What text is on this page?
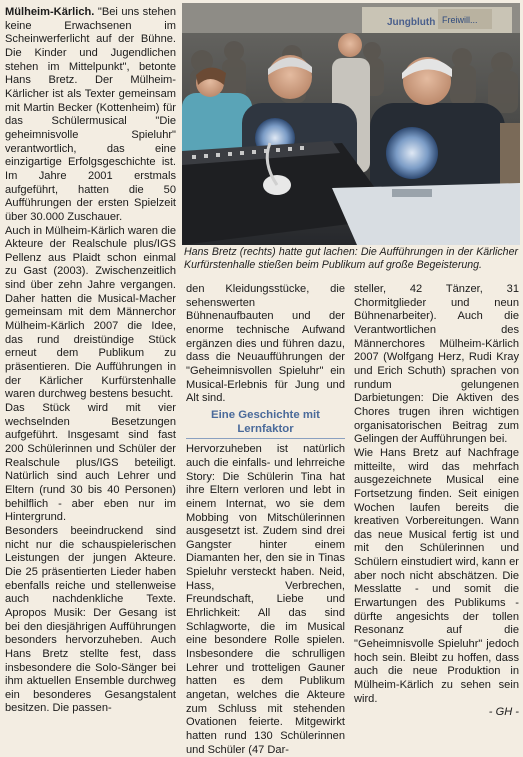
Mülheim-Kärlich. "Bei uns stehen keine Erwachsenen im Scheinwerferlicht auf der Bühne. Die Kinder und Jugendlichen stehen im Mittelpunkt", betonte Hans Bretz. Der Mülheim-Kärlicher ist als Texter gemeinsam mit Martin Becker (Kottenheim) für das Schülermusical "Die geheimnisvolle Spieluhr" verantwortlich, das eine einzigartige Erfolgsgeschichte ist. Im Jahre 2001 erstmals aufgeführt, hatten die 50 Aufführungen der ersten Spielzeit über 30.000 Zuschauer.

Auch in Mülheim-Kärlich waren die Akteure der Realschule plus/IGS Pellenz aus Plaidt schon einmal zu Gast (2003). Zwischenzeitlich sind über zehn Jahre vergangen. Daher hatten die Musical-Macher gemeinsam mit dem Männerchor Mülheim-Kärlich 2007 die Idee, das rund dreistündige Stück erneut dem Publikum zu präsentieren. Die Aufführungen in der Kärlicher Kurfürstenhalle waren durchweg bestens besucht.

Das Stück wird mit vier wechselnden Besetzungen aufgeführt. Insgesamt sind fast 200 Schülerinnen und Schüler der Realschule plus/IGS beteiligt. Natürlich sind auch Lehrer und Eltern (rund 30 bis 40 Personen) behilflich - aber eben nur im Hintergrund.

Besonders beeindruckend sind nicht nur die schauspielerischen Leistungen der jungen Akteure. Die 25 präsentierten Lieder haben ebenfalls reiche und stellenweise auch nachdenkliche Texte. Apropos Musik: Der Gesang ist bei den diesjährigen Aufführungen besonders hervorzuheben. Auch Hans Bretz stellte fest, dass insbesondere die Solo-Sänger bei ihm aktuellen Ensemble durchweg ein besonderes Gesangstalent besitzen. Die passen-

Jungbluth Freiwill...
Hans Bretz (rechts) hatte gut lachen: Die Aufführungen in der Kärlicher Kurfürstenhalle stießen beim Publikum auf große Begeisterung.

den Kleidungsstücke, die sehenswerten Bühnenaufbauten und der enorme technische Aufwand ergänzen dies und führen dazu, dass die Neuaufführungen der "Geheimnisvollen Spieluhr" ein Musical-Erlebnis für Jung und Alt sind.

Eine Geschichte mit Lernfaktor

Hervorzuheben ist natürlich auch die einfalls- und lehrreiche Story: Die Schülerin Tina hat ihre Eltern verloren und lebt in einem Internat, wo sie dem Mobbing von Mitschülerinnen ausgesetzt ist. Zudem sind drei Gangster hinter einem Diamanten her, den sie in Tinas Spieluhr versteckt haben. Neid, Hass, Verbrechen, Freundschaft, Liebe und Ehrlichkeit: All das sind Schlagworte, die im Musical eine besondere Rolle spielen. Insbesondere die schrulligen Lehrer und trotteligen Gauner hatten es dem Publikum angetan, welches die Akteure zum Schluss mit stehenden Ovationen feierte. Mitgewirkt hatten rund 130 Schülerinnen und Schüler (47 Dar-

steller, 42 Tänzer, 31 Chormitglieder und neun Bühnenarbeiter). Auch die Verantwortlichen des Männerchores Mülheim-Kärlich 2007 (Wolfgang Herz, Rudi Kray und Erich Schuth) sprachen von rundum gelungenen Darbietungen: Die Aktiven des Chores trugen ihren wichtigen organisatorischen Beitrag zum Gelingen der Aufführungen bei.

Wie Hans Bretz auf Nachfrage mitteilte, wird das mehrfach ausgezeichnete Musical eine Fortsetzung finden. Seit einigen Wochen laufen bereits die kreativen Vorbereitungen. Wann das neue Musical fertig ist und mit den Schülerinnen und Schülern einstudiert wird, kann er aber noch nicht abschätzen. Die Messlatte - und somit die Erwartungen des Publikums - dürfte angesichts der tollen Resonanz auf die "Geheimnisvolle Spieluhr" jedoch hoch sein. Bleibt zu hoffen, dass auch die neue Produktion in Mülheim-Kärlich zu sehen sein wird.

- GH -
